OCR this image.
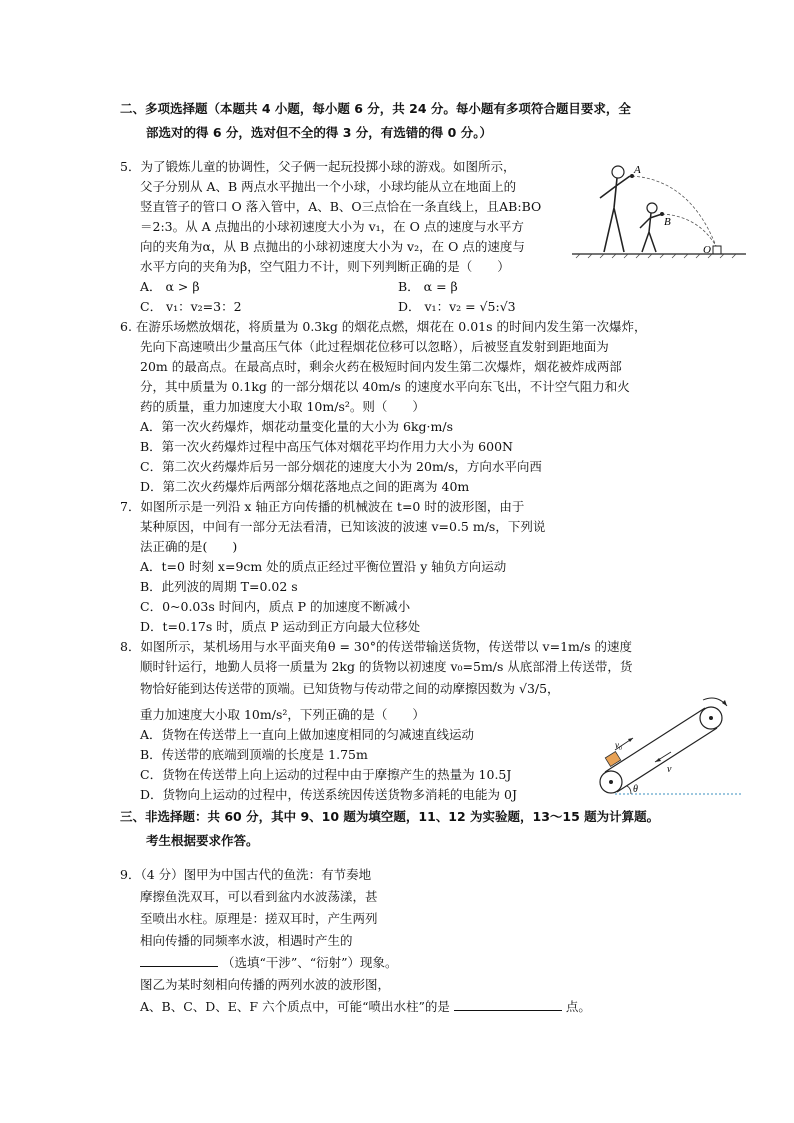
二、多项选择题（本题共 4 小题，每小题 6 分，共 24 分。每小题有多项符合题目要求，全
部选对的得 6 分，选对但不全的得 3 分，有选错的得 0 分。）
5．为了锻炼儿童的协调性，父子俩一起玩投掷小球的游戏。如图所示，
父子分别从 A、B 两点水平抛出一个小球，小球均能从立在地面上的
竖直管子的管口 O 落入管中，A、B、O三点恰在一条直线上，且AB:BO
＝2:3。从 A 点抛出的小球初速度大小为 v₁，在 O 点的速度与水平方
向的夹角为α，从 B 点抛出的小球初速度大小为 v₂，在 O 点的速度与
水平方向的夹角为β，空气阻力不计，则下列判断正确的是（　　）
A． α > β	B． α = β
C． v₁：v₂=3：2	D． v₁：v₂ = √5:√3
A
B
O
6. 在游乐场燃放烟花，将质量为 0.3kg 的烟花点燃，烟花在 0.01s 的时间内发生第一次爆炸，
先向下高速喷出少量高压气体（此过程烟花位移可以忽略），后被竖直发射到距地面为
20m 的最高点。在最高点时，剩余火药在极短时间内发生第二次爆炸，烟花被炸成两部
分，其中质量为 0.1kg 的一部分烟花以 40m/s 的速度水平向东飞出，不计空气阻力和火
药的质量，重力加速度大小取 10m/s²。则（　　）
A．第一次火药爆炸，烟花动量变化量的大小为 6kg·m/s
B．第一次火药爆炸过程中高压气体对烟花平均作用力大小为 600N
C．第二次火药爆炸后另一部分烟花的速度大小为 20m/s，方向水平向西
D．第二次火药爆炸后两部分烟花落地点之间的距离为 40m
7．如图所示是一列沿 x 轴正方向传播的机械波在 t=0 时的波形图，由于
某种原因，中间有一部分无法看清，已知该波的波速 v=0.5 m/s，下列说
法正确的是(　　)
A．t=0 时刻 x=9cm 处的质点正经过平衡位置沿 y 轴负方向运动
B．此列波的周期 T=0.02 s
C．0~0.03s 时间内，质点 P 的加速度不断减小
D．t=0.17s 时，质点 P 运动到正方向最大位移处
8．如图所示，某机场用与水平面夹角θ = 30°的传送带输送货物，传送带以 v=1m/s 的速度
顺时针运行，地勤人员将一质量为 2kg 的货物以初速度 v₀=5m/s 从底部滑上传送带，货
物恰好能到达传送带的顶端。已知货物与传动带之间的动摩擦因数为 √3/5，
重力加速度大小取 10m/s²，下列正确的是（　　）
A．货物在传送带上一直向上做加速度相同的匀减速直线运动
B．传送带的底端到顶端的长度是 1.75m
C．货物在传送带上向上运动的过程中由于摩擦产生的热量为 10.5J
D．货物向上运动的过程中，传送系统因传送货物多消耗的电能为 0J
v₀
v
θ
三、非选择题：共 60 分，其中 9、10 题为填空题，11、12 为实验题，13～15 题为计算题。
考生根据要求作答。
9．（4 分）图甲为中国古代的鱼洗：有节奏地
摩擦鱼洗双耳，可以看到盆内水波荡漾，甚
至喷出水柱。原理是：搓双耳时，产生两列
相向传播的同频率水波，相遇时产生的
（选填“干涉”、“衍射”）现象。
图乙为某时刻相向传播的两列水波的波形图，
A、B、C、D、E、F 六个质点中，可能“喷出水柱”的是	点。
